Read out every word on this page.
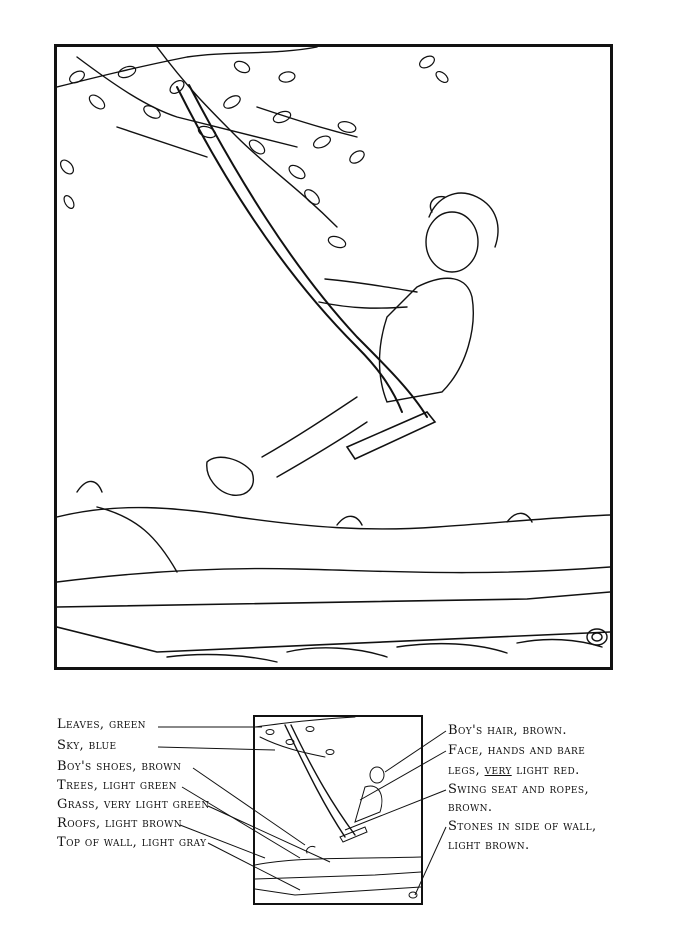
Leaves, green
Sky, blue
Boy's shoes, brown
Trees, light green
Grass, very light green
Roofs, light brown
Top of wall, light gray
Boy's hair, brown.
Face, hands and bare
legs, very light red.
Swing seat and ropes,
brown.
Stones in side of wall,
light brown.
